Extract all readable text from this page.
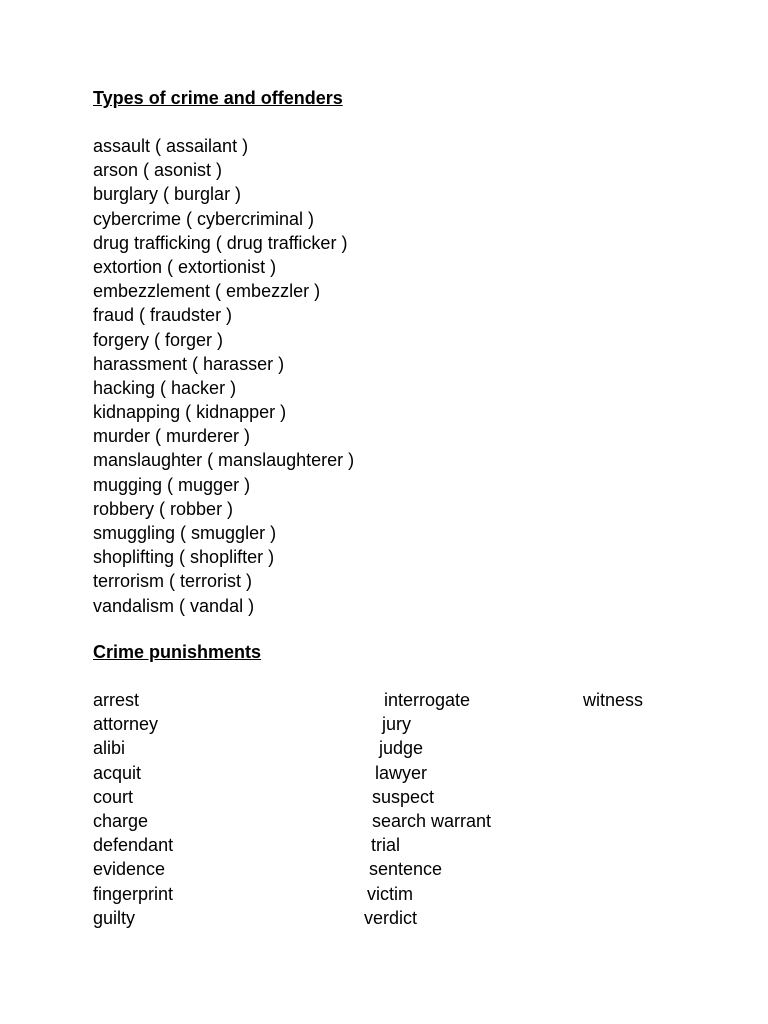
Types of crime and offenders
assault ( assailant )
arson ( asonist )
burglary ( burglar )
cybercrime ( cybercriminal )
drug trafficking ( drug trafficker )
extortion ( extortionist )
embezzlement ( embezzler )
fraud ( fraudster )
forgery ( forger )
harassment ( harasser )
hacking ( hacker )
kidnapping ( kidnapper )
murder ( murderer )
manslaughter ( manslaughterer )
mugging ( mugger )
robbery ( robber )
smuggling ( smuggler )
shoplifting ( shoplifter )
terrorism ( terrorist )
vandalism ( vandal )
Crime punishments
arrest
attorney
alibi
acquit
court
charge
defendant
evidence
fingerprint
guilty
interrogate
jury
judge
lawyer
suspect
search warrant
trial
sentence
victim
verdict
witness
